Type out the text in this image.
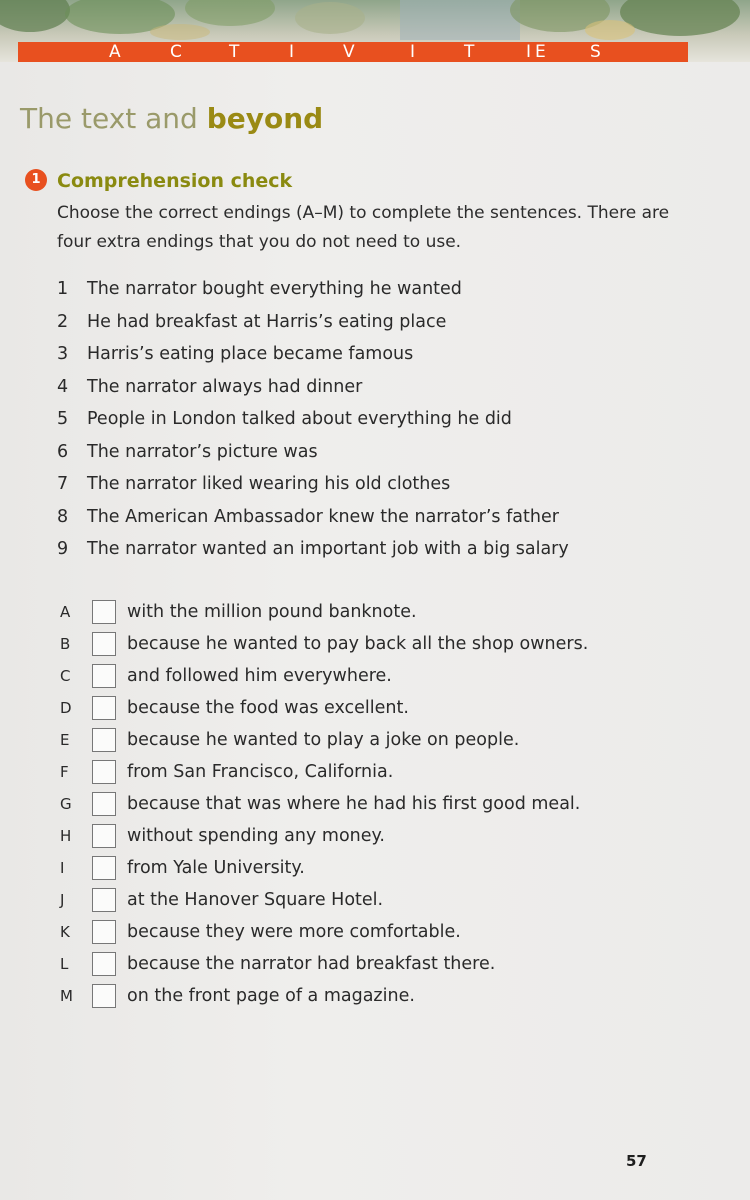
A	C	T	I	V	I	T	I E	S
The text and beyond
1 Comprehension check
Choose the correct endings (A–M) to complete the sentences. There are four extra endings that you do not need to use.
1 The narrator bought everything he wanted
2 He had breakfast at Harris’s eating place
3 Harris’s eating place became famous
4 The narrator always had dinner
5 People in London talked about everything he did
6 The narrator’s picture was
7 The narrator liked wearing his old clothes
8 The American Ambassador knew the narrator’s father
9 The narrator wanted an important job with a big salary
A	with the million pound banknote.
B	because he wanted to pay back all the shop owners.
C	and followed him everywhere.
D	because the food was excellent.
E	because he wanted to play a joke on people.
F	from San Francisco, California.
G	because that was where he had his first good meal.
H	without spending any money.
I	from Yale University.
J	at the Hanover Square Hotel.
K	because they were more comfortable.
L	because the narrator had breakfast there.
M	on the front page of a magazine.
57
